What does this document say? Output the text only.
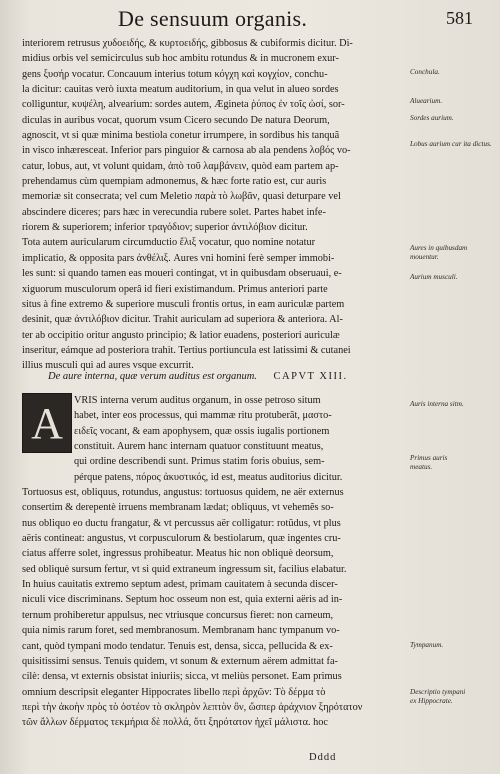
De sensuum organis.	581
interiorem retrusus χυδοειδής, & κυρτοειδής, gibbosus & cubiformis dicitur. Di-
midius orbis vel semicirculus sub hoc ambitu rotundus & in mucronem exur-
gens ξυσήρ vocatur. Concauum interius totum κόγχη καὶ κογχίον, conchu-
la dicitur: cauitas verò iuxta meatum auditorium, in qua velut in alueo sordes
colliguntur, κυψέλη, alvearium: sordes autem, Ægineta ῥύπος ἐν τοῖς ὠσί, sor-
diculas in auribus vocat, quorum vsum Cicero secundo De natura Deorum,
agnoscit, vt si quæ minima bestiola conetur irrumpere, in sordibus his tanquã
in visco inhæresceat. Inferior pars pinguior & carnosa ab ala pendens λοβός vo-
catur, lobus, aut, vt volunt quidam, ἀπὸ τοῦ λαμβάνειν, quòd eam partem ap-
prehendamus cùm quempiam admonemus, & hæc forte ratio est, cur auris
memoriæ sit consecrata; vel cum Meletio παρὰ τὸ λωβᾶν, quasi deturpare vel
abscindere diceres; pars hæc in verecundia rubere solet. Partes habet infe-
riorem & superiorem; inferior τραγόδιον; superior ἀντιλόβιον dicitur.
Tota autem auricularum circumductio ἕλιξ vocatur, quo nomine notatur
implicatio, & opposita pars ἀνθέλιξ. Aures vni homini ferè semper immobi-
les sunt: si quando tamen eas moueri contingat, vt in quibusdam obseruaui, e-
xiguorum musculorum operâ id fieri existimandum. Primus anteriori parte
situs à fine extremo & superiore musculi frontis ortus, in eam auriculæ partem
desinit, quæ ἀντιλόβιον dicitur. Trahit auriculam ad superiora & anteriora. Al-
ter ab occipitio oritur angusto principio; & latior euadens, posteriori auriculæ
inseritur, eámque ad posteriora trahit. Tertius portiuncula est latissimi & cutanei
illius musculi qui ad aures vsque excurrit.
Conchula.
Aluearium.
Sordes aurium.
Lobus aurium cur ita dictus.
Aures in quibusdam mouentur.
Aurium musculi.
Auris interna sitm.
Primus auris meatus.
Tympanum.
Descriptio tympani ex Hippocrate.
De aure interna, quæ verum auditus est organum. CAPVT XIII.
A	VRIS interna verum auditus organum, in osse petroso situm
habet, inter eos processus, qui mammæ ritu protuberãt, μαστο-
ειδεῖς vocant, & eam apophysem, quæ ossis iugalis portionem
constituit. Aurem hanc internam quatuor constituunt meatus,
qui ordine describendi sunt. Primus statim foris obuius, sem-
pérque patens, πόρος ἀκυστικός, id est, meatus auditorius dicitur.
Tortuosus est, obliquus, rotundus, angustus: tortuosus quidem, ne aër externus
consertim & derepentè irruens membranam lædat; obliquus, vt vehemẽs so-
nus obliquo eo ductu frangatur, & vt percussus aër colligatur: rotũdus, vt plus
aëris contineat: angustus, vt corpusculorum & bestiolarum, quæ ingentes cru-
ciatus afferre solet, ingressus prohibeatur. Meatus hic non obliquè deorsum,
sed obliquè sursum fertur, vt si quid extraneum ingressum sit, facilius elabatur.
In huius cauitatis extremo septum adest, primam cauitatem à secunda discer-
niculi vice discriminans. Septum hoc osseum non est, quia externi aëris ad in-
ternum prohiberetur appulsus, nec vtriusque concursus fieret: non carneum,
quia nimis rarum foret, sed membranosum. Membranam hanc tympanum vo-
cant, quòd tympani modo tendatur. Tenuis est, densa, sicca, pellucida & ex-
quisitissimi sensus. Tenuis quidem, vt sonum & externum aërem admittat fa-
cilè: densa, vt externis obsistat iniuriis; sicca, vt meliùs personet. Eam primus
omnium descripsit eleganter Hippocrates libello περὶ ἀρχῶν: Τὸ δέρμα τὸ
περὶ τὴν ἀκοὴν πρὸς τὸ ὀστέον τὸ σκληρὸν λεπτὸν ὂν, ὥσπερ ἀράχνιον ξηρότατον
τῶν ἄλλων δέρματος τεκμήρια δὲ πολλά, ὅτι ξηρότατον ἠχεῖ μάλιστα. hoc
Dddd
